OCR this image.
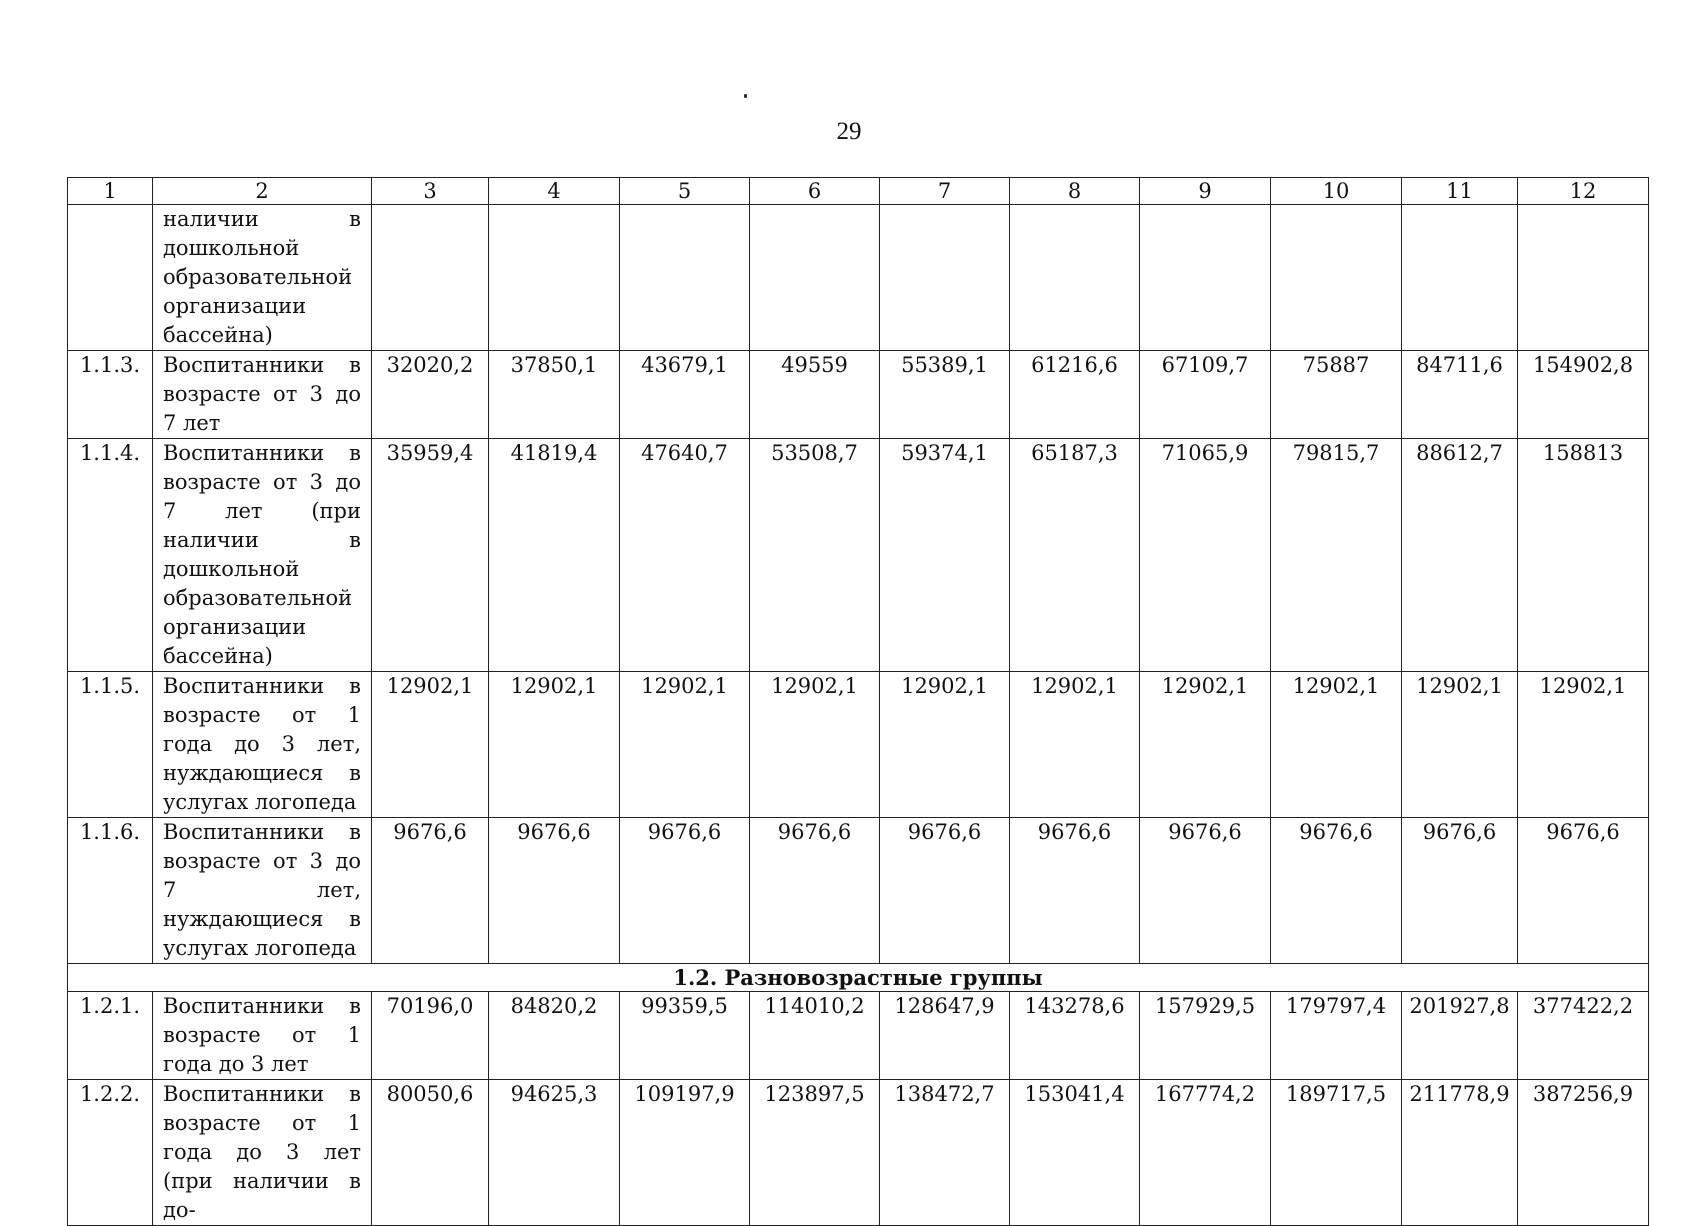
29
1	2	3	4	5	6	7	8	9	10	11	12
	наличии в дошкольной образовательной организации бассейна)										
1.1.3.	Воспитанники в возрасте от 3 до 7 лет	32020,2	37850,1	43679,1	49559	55389,1	61216,6	67109,7	75887	84711,6	154902,8
1.1.4.	Воспитанники в возрасте от 3 до 7 лет (при наличии в дошкольной образовательной организации бассейна)	35959,4	41819,4	47640,7	53508,7	59374,1	65187,3	71065,9	79815,7	88612,7	158813
1.1.5.	Воспитанники в возрасте от 1 года до 3 лет, нуждающиеся в услугах логопеда	12902,1	12902,1	12902,1	12902,1	12902,1	12902,1	12902,1	12902,1	12902,1	12902,1
1.1.6.	Воспитанники в возрасте от 3 до 7 лет, нуждающиеся в услугах логопеда	9676,6	9676,6	9676,6	9676,6	9676,6	9676,6	9676,6	9676,6	9676,6	9676,6
1.2. Разновозрастные группы											
1.2.1.	Воспитанники в возрасте от 1 года до 3 лет	70196,0	84820,2	99359,5	114010,2	128647,9	143278,6	157929,5	179797,4	201927,8	377422,2
1.2.2.	Воспитанники в возрасте от 1 года до 3 лет (при наличии в до-	80050,6	94625,3	109197,9	123897,5	138472,7	153041,4	167774,2	189717,5	211778,9	387256,9
